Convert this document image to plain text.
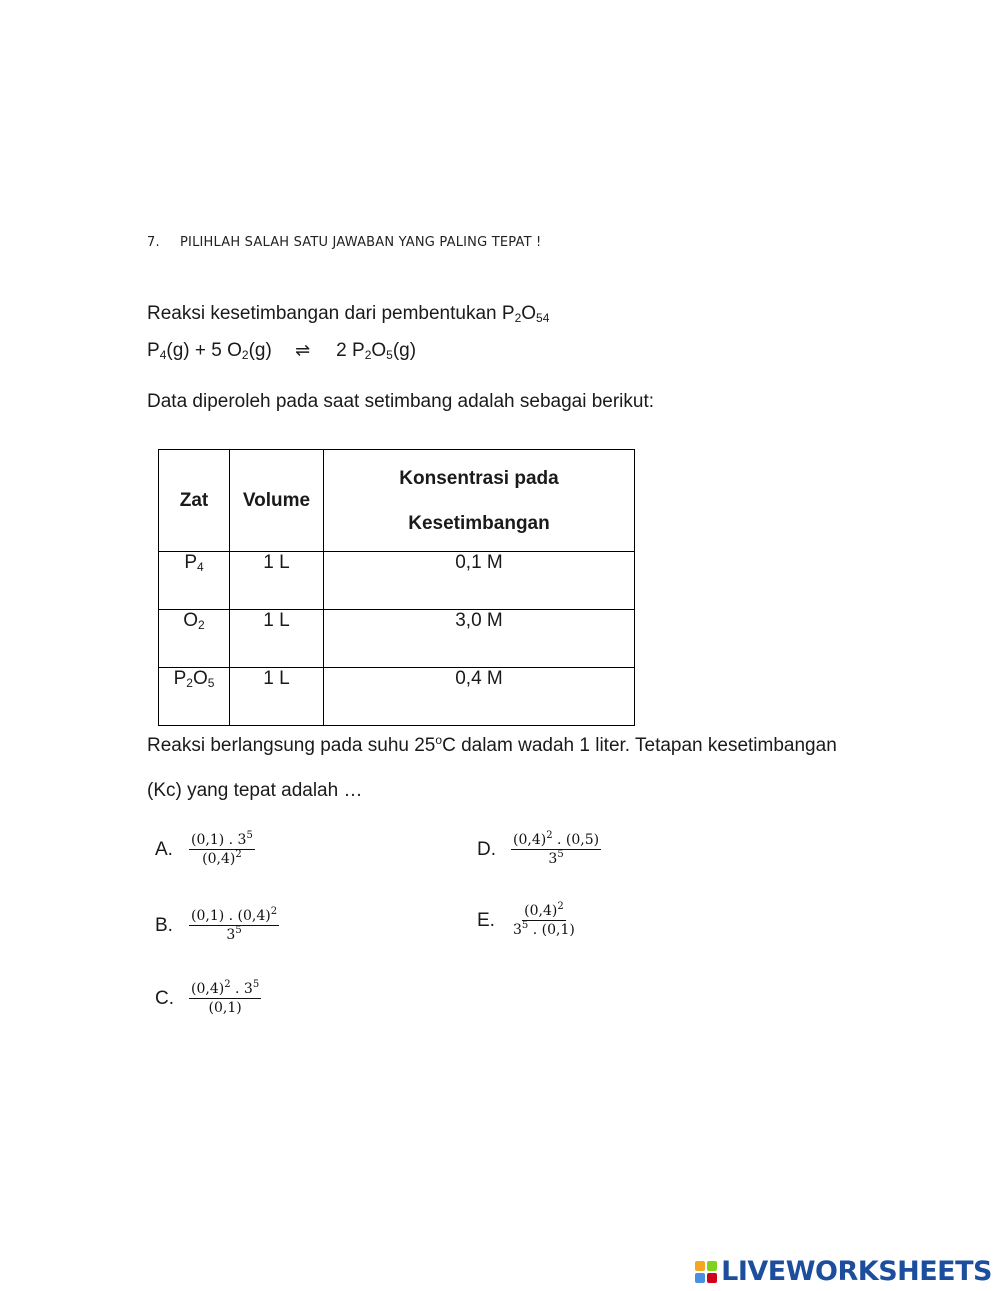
7. PILIHLAH SALAH SATU JAWABAN YANG PALING TEPAT !
Reaksi kesetimbangan dari pembentukan $P_2O_{54}$
$P_4(g) + 5$ $O_2(g)$ ⇌ 2 $P_2O_5(g)$
Data diperoleh pada saat setimbang adalah sebagai berikut:
Zat	Volume	Konsentrasi pada
Kesetimbangan

$P_4$	1 L	0,1 M
$O_2$	1 L	3,0 M
$P_2O_5$	1 L	0,4 M
Reaksi berlangsung pada suhu 25$^o$C dalam wadah 1 liter. Tetapan kesetimbangan
(Kc) yang tepat adalah …
A.	$\frac{(0,1) . 3^5}{(0,4)^2}$
B.	$\frac{(0,1) . (0,4)^2}{3^5}$
C.	$\frac{(0,4)^2 . 3^5}{(0,1)}$
D.	$\frac{(0,4)^2 . (0,5)}{3^5}$
E.	$\frac{(0,4)^2}{3^5 . (0,1)}$
LIVEWORKSHEETS
